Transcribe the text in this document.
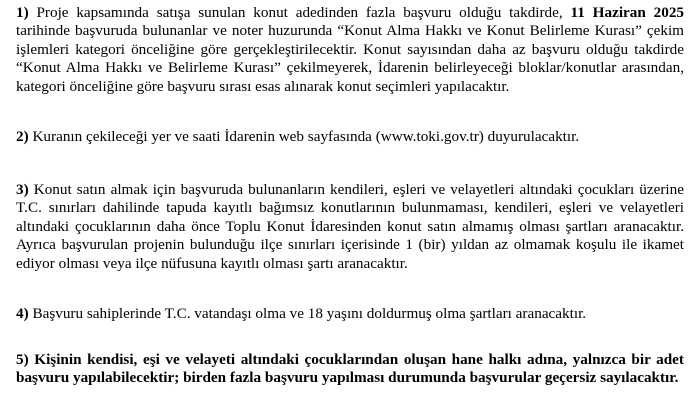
1) Proje kapsamında satışa sunulan konut adedinden fazla başvuru olduğu takdirde, 11 Haziran 2025 tarihinde başvuruda bulunanlar ve noter huzurunda “Konut Alma Hakkı ve Konut Belirleme Kurası” çekim işlemleri kategori önceliğine göre gerçekleştirilecektir. Konut sayısından daha az başvuru olduğu takdirde “Konut Alma Hakkı ve Belirleme Kurası” çekilmeyerek, İdarenin belirleyeceği bloklar/konutlar arasından, kategori önceliğine göre başvuru sırası esas alınarak konut seçimleri yapılacaktır.

2) Kuranın çekileceği yer ve saati İdarenin web sayfasında (www.toki.gov.tr) duyurulacaktır.

3) Konut satın almak için başvuruda bulunanların kendileri, eşleri ve velayetleri altındaki çocukları üzerine T.C. sınırları dahilinde tapuda kayıtlı bağımsız konutlarının bulunmaması, kendileri, eşleri ve velayetleri altındaki çocuklarının daha önce Toplu Konut İdaresinden konut satın almamış olması şartları aranacaktır. Ayrıca başvurulan projenin bulunduğu ilçe sınırları içerisinde 1 (bir) yıldan az olmamak koşulu ile ikamet ediyor olması veya ilçe nüfusuna kayıtlı olması şartı aranacaktır.

4) Başvuru sahiplerinde T.C. vatandaşı olma ve 18 yaşını doldurmuş olma şartları aranacaktır.

5) Kişinin kendisi, eşi ve velayeti altındaki çocuklarından oluşan hane halkı adına, yalnızca bir adet başvuru yapılabilecektir; birden fazla başvuru yapılması durumunda başvurular geçersiz sayılacaktır.
